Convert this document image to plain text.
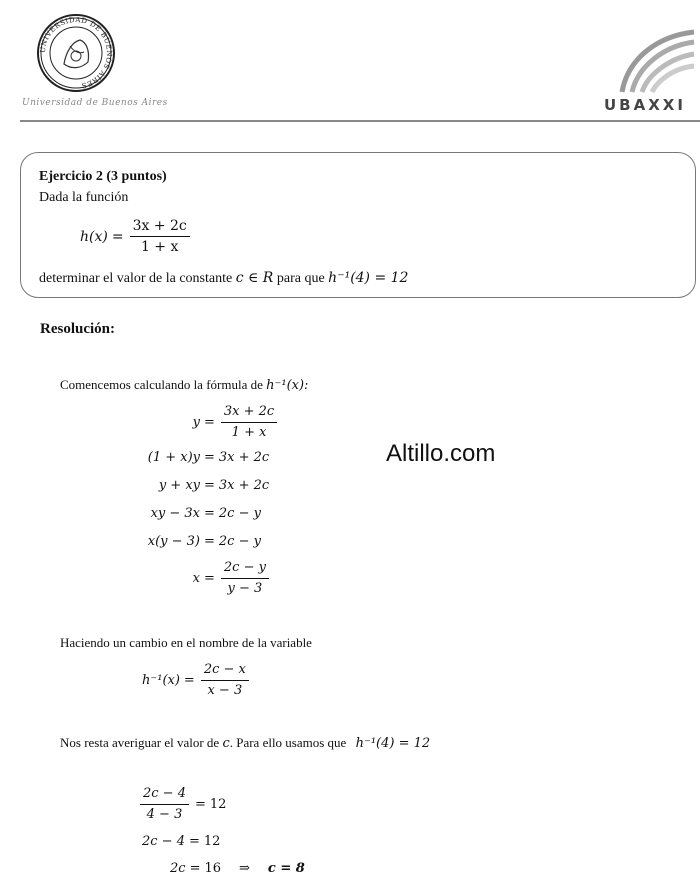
UNIVERSIDAD DE BUENOS AIRES
Universidad de Buenos Aires	UBAXXI
Ejercicio 2 (3 puntos)
Dada la función
$h(x) = \frac{3x + 2c}{1 + x}$
determinar el valor de la constante c ∈ R para que h⁻¹(4) = 12
Altillo.com
Resolución:
Comencemos calculando la fórmula de h⁻¹(x):
$y = \frac{3x + 2c}{1 + x}$
(1 + x)y = 3x + 2c
y + xy = 3x + 2c
xy − 3x = 2c − y
x(y − 3) = 2c − y
$x = \frac{2c - y}{y - 3}$
Haciendo un cambio en el nombre de la variable
$h^{-1}(x) = \frac{2c - x}{x - 3}$
Nos resta averiguar el valor de c. Para ello usamos que h⁻¹(4) = 12
$\frac{2c - 4}{4 - 3} = 12$
2c − 4 = 12
2c = 16 ⇒ c = 8
